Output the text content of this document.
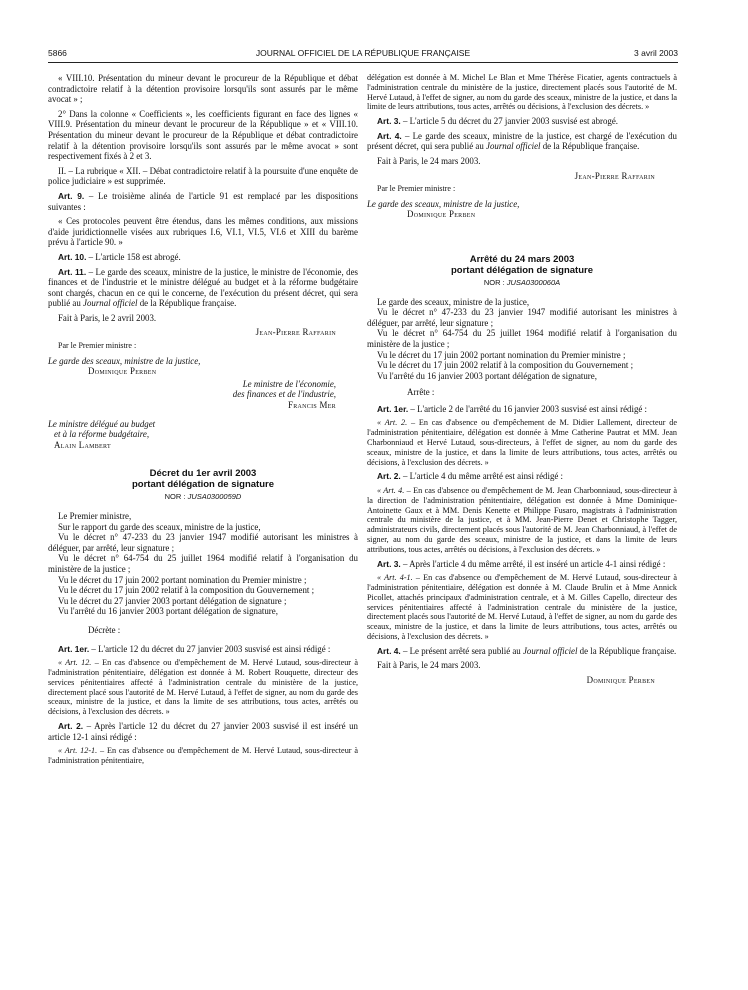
5866	JOURNAL OFFICIEL DE LA RÉPUBLIQUE FRANÇAISE	3 avril 2003

« VIII.10. Présentation du mineur devant le procureur de la République et débat contradictoire relatif à la détention provisoire lorsqu'ils sont assurés par le même avocat » ;

2° Dans la colonne « Coefficients », les coefficients figurant en face des lignes « VIII.9. Présentation du mineur devant le procureur de la République » et « VIII.10. Présentation du mineur devant le procureur de la République et débat contradictoire relatif à la détention provisoire lorsqu'ils sont assurés par le même avocat » sont respectivement fixés à 2 et 3.

II. – La rubrique « XII. – Débat contradictoire relatif à la poursuite d'une enquête de police judiciaire » est supprimée.

Art. 9. – Le troisième alinéa de l'article 91 est remplacé par les dispositions suivantes :

« Ces protocoles peuvent être étendus, dans les mêmes conditions, aux missions d'aide juridictionnelle visées aux rubriques I.6, VI.1, VI.5, VI.6 et XIII du barème prévu à l'article 90. »

Art. 10. – L'article 158 est abrogé.

Art. 11. – Le garde des sceaux, ministre de la justice, le ministre de l'économie, des finances et de l'industrie et le ministre délégué au budget et à la réforme budgétaire sont chargés, chacun en ce qui le concerne, de l'exécution du présent décret, qui sera publié au Journal officiel de la République française.

Fait à Paris, le 2 avril 2003.

Jean-Pierre Raffarin

Par le Premier ministre :

Le garde des sceaux, ministre de la justice,

Dominique Perben

Le ministre de l'économie,

des finances et de l'industrie,

Francis Mer

Le ministre délégué au budget

et à la réforme budgétaire,

Alain Lambert

Décret du 1er avril 2003

portant délégation de signature

NOR : JUSA0300059D

Le Premier ministre,

Sur le rapport du garde des sceaux, ministre de la justice,

Vu le décret n° 47-233 du 23 janvier 1947 modifié autorisant les ministres à déléguer, par arrêté, leur signature ;

Vu le décret n° 64-754 du 25 juillet 1964 modifié relatif à l'organisation du ministère de la justice ;

Vu le décret du 17 juin 2002 portant nomination du Premier ministre ;

Vu le décret du 17 juin 2002 relatif à la composition du Gouvernement ;

Vu le décret du 27 janvier 2003 portant délégation de signature ;

Vu l'arrêté du 16 janvier 2003 portant délégation de signature,

Décrète :

Art. 1er. – L'article 12 du décret du 27 janvier 2003 susvisé est ainsi rédigé :

« Art. 12. – En cas d'absence ou d'empêchement de M. Hervé Lutaud, sous-directeur à l'administration pénitentiaire, délégation est donnée à M. Robert Rouquette, directeur des services pénitentiaires affecté à l'administration centrale du ministère de la justice, directement placé sous l'autorité de M. Hervé Lutaud, à l'effet de signer, au nom du garde des sceaux, ministre de la justice, et dans la limite de ses attributions, tous actes, arrêtés ou décisions, à l'exclusion des décrets. »

Art. 2. – Après l'article 12 du décret du 27 janvier 2003 susvisé il est inséré un article 12-1 ainsi rédigé :

« Art. 12-1. – En cas d'absence ou d'empêchement de M. Hervé Lutaud, sous-directeur à l'administration pénitentiaire,

délégation est donnée à M. Michel Le Blan et Mme Thérèse Ficatier, agents contractuels à l'administration centrale du ministère de la justice, directement placés sous l'autorité de M. Hervé Lutaud, à l'effet de signer, au nom du garde des sceaux, ministre de la justice, et dans la limite de leurs attributions, tous actes, arrêtés ou décisions, à l'exclusion des décrets. »

Art. 3. – L'article 5 du décret du 27 janvier 2003 susvisé est abrogé.

Art. 4. – Le garde des sceaux, ministre de la justice, est chargé de l'exécution du présent décret, qui sera publié au Journal officiel de la République française.

Fait à Paris, le 24 mars 2003.

Jean-Pierre Raffarin

Par le Premier ministre :

Le garde des sceaux, ministre de la justice,

Dominique Perben

Arrêté du 24 mars 2003

portant délégation de signature

NOR : JUSA0300060A

Le garde des sceaux, ministre de la justice,

Vu le décret n° 47-233 du 23 janvier 1947 modifié autorisant les ministres à déléguer, par arrêté, leur signature ;

Vu le décret n° 64-754 du 25 juillet 1964 modifié relatif à l'organisation du ministère de la justice ;

Vu le décret du 17 juin 2002 portant nomination du Premier ministre ;

Vu le décret du 17 juin 2002 relatif à la composition du Gouvernement ;

Vu l'arrêté du 16 janvier 2003 portant délégation de signature,

Arrête :

Art. 1er. – L'article 2 de l'arrêté du 16 janvier 2003 susvisé est ainsi rédigé :

« Art. 2. – En cas d'absence ou d'empêchement de M. Didier Lallement, directeur de l'administration pénitentiaire, délégation est donnée à Mme Catherine Pautrat et MM. Jean Charbonniaud et Hervé Lutaud, sous-directeurs, à l'effet de signer, au nom du garde des sceaux, ministre de la justice, et dans la limite de leurs attributions, tous actes, arrêtés ou décisions, à l'exclusion des décrets. »

Art. 2. – L'article 4 du même arrêté est ainsi rédigé :

« Art. 4. – En cas d'absence ou d'empêchement de M. Jean Charbonniaud, sous-directeur à la direction de l'administration pénitentiaire, délégation est donnée à Mme Dominique-Antoinette Gaux et à MM. Denis Kenette et Philippe Fusaro, magistrats à l'administration centrale du ministère de la justice, et à MM. Jean-Pierre Denet et Christophe Tagger, administrateurs civils, directement placés sous l'autorité de M. Jean Charbonniaud, à l'effet de signer, au nom du garde des sceaux, ministre de la justice, et dans la limite de leurs attributions, tous actes, arrêtés ou décisions, à l'exclusion des décrets. »

Art. 3. – Après l'article 4 du même arrêté, il est inséré un article 4-1 ainsi rédigé :

« Art. 4-1. – En cas d'absence ou d'empêchement de M. Hervé Lutaud, sous-directeur à l'administration pénitentiaire, délégation est donnée à M. Claude Brulin et à Mme Annick Picollet, attachés principaux d'administration centrale, et à M. Gilles Capello, directeur des services pénitentiaires affecté à l'administration centrale du ministère de la justice, directement placés sous l'autorité de M. Hervé Lutaud, à l'effet de signer, au nom du garde des sceaux, ministre de la justice, et dans la limite de leurs attributions, tous actes, arrêtés ou décisions, à l'exclusion des décrets. »

Art. 4. – Le présent arrêté sera publié au Journal officiel de la République française.

Fait à Paris, le 24 mars 2003.

Dominique Perben
